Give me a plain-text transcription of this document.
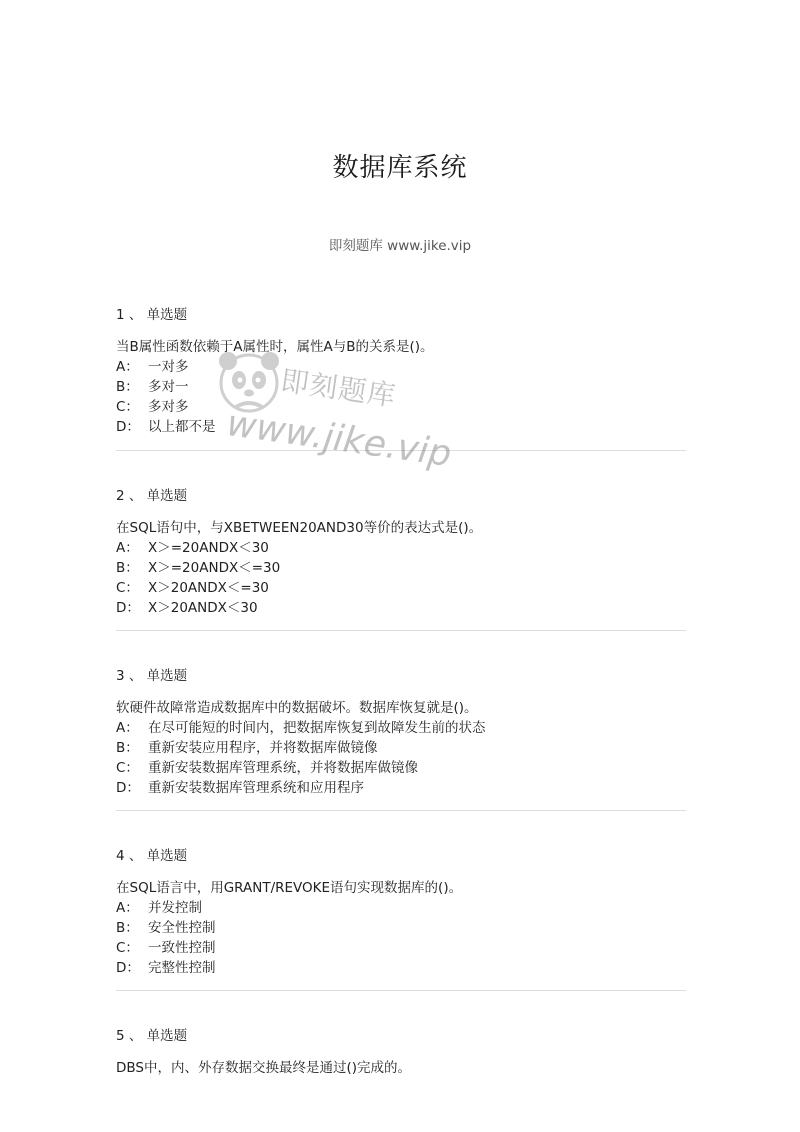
数据库系统
即刻题库 www.jike.vip
1 、 单选题
当B属性函数依赖于A属性时，属性A与B的关系是()。
A： 一对多
B： 多对一
C： 多对多
D： 以上都不是
2 、 单选题
在SQL语句中，与XBETWEEN20AND30等价的表达式是()。
A： X＞=20ANDX＜30
B： X＞=20ANDX＜=30
C： X＞20ANDX＜=30
D： X＞20ANDX＜30
3 、 单选题
软硬件故障常造成数据库中的数据破坏。数据库恢复就是()。
A： 在尽可能短的时间内，把数据库恢复到故障发生前的状态
B： 重新安装应用程序，并将数据库做镜像
C： 重新安装数据库管理系统，并将数据库做镜像
D： 重新安装数据库管理系统和应用程序
4 、 单选题
在SQL语言中，用GRANT/REVOKE语句实现数据库的()。
A： 并发控制
B： 安全性控制
C： 一致性控制
D： 完整性控制
5 、 单选题
DBS中，内、外存数据交换最终是通过()完成的。
即刻题库
www.jike.vip
